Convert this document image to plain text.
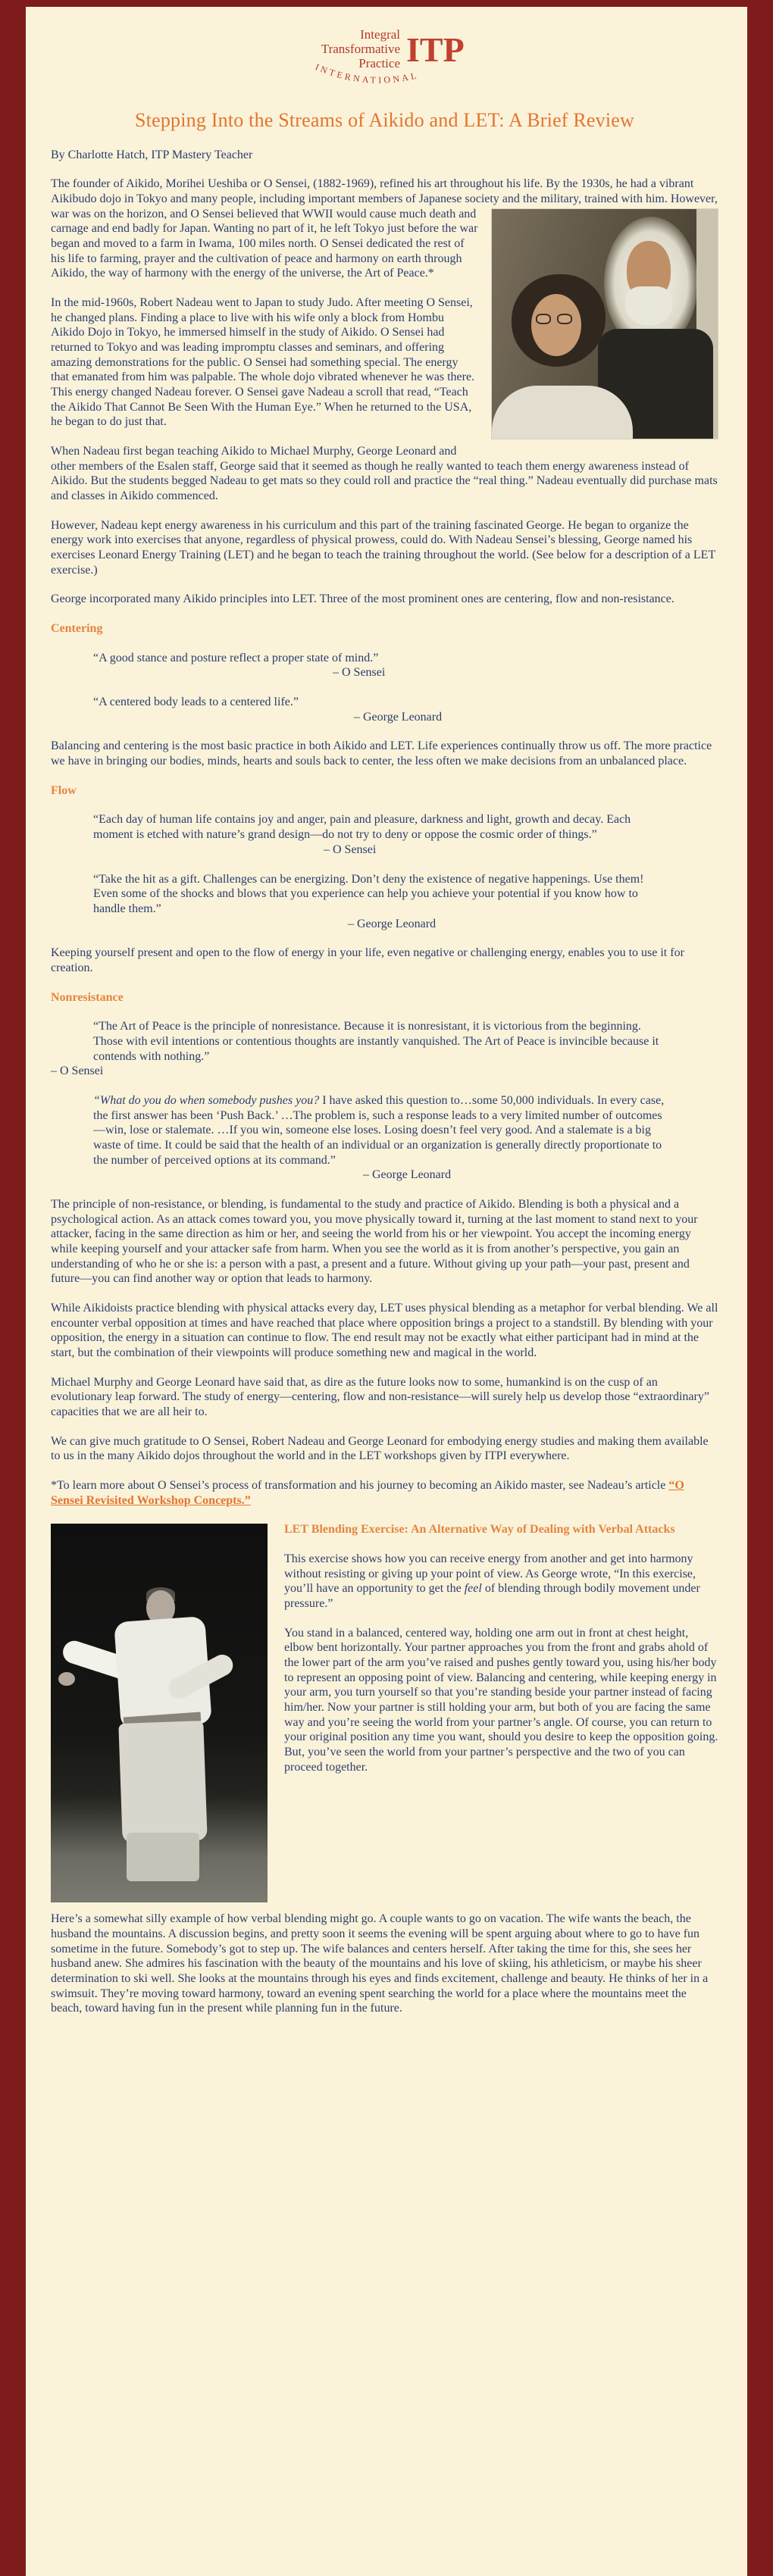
Integral
Transformative
Practice ITP
INTERNATIONAL
Stepping Into the Streams of Aikido and LET: A Brief Review

By Charlotte Hatch, ITP Mastery Teacher

The founder of Aikido, Morihei Ueshiba or O Sensei, (1882-1969), refined his art throughout his life. By the 1930s, he had a vibrant Aikibudo dojo in Tokyo and many people, including important members of Japanese society and the military, trained with him. However, war was on the horizon, and O Sensei believed that WWII would cause much death and carnage and end badly for Japan. Wanting no part of it, he left Tokyo just before the war began and moved to a farm in Iwama, 100 miles north. O Sensei dedicated the rest of his life to farming, prayer and the cultivation of peace and harmony on earth through Aikido, the way of harmony with the energy of the universe, the Art of Peace.*

In the mid-1960s, Robert Nadeau went to Japan to study Judo. After meeting O Sensei, he changed plans. Finding a place to live with his wife only a block from Hombu Aikido Dojo in Tokyo, he immersed himself in the study of Aikido. O Sensei had returned to Tokyo and was leading impromptu classes and seminars, and offering amazing demonstrations for the public. O Sensei had something special. The energy that emanated from him was palpable. The whole dojo vibrated whenever he was there. This energy changed Nadeau forever. O Sensei gave Nadeau a scroll that read, “Teach the Aikido That Cannot Be Seen With the Human Eye.” When he returned to the USA, he began to do just that.

When Nadeau first began teaching Aikido to Michael Murphy, George Leonard and other members of the Esalen staff, George said that it seemed as though he really wanted to teach them energy awareness instead of Aikido. But the students begged Nadeau to get mats so they could roll and practice the “real thing.” Nadeau eventually did purchase mats and classes in Aikido commenced.

However, Nadeau kept energy awareness in his curriculum and this part of the training fascinated George. He began to organize the energy work into exercises that anyone, regardless of physical prowess, could do. With Nadeau Sensei’s blessing, George named his exercises Leonard Energy Training (LET) and he began to teach the training throughout the world. (See below for a description of a LET exercise.)

George incorporated many Aikido principles into LET. Three of the most prominent ones are centering, flow and non-resistance.

Centering
“A good stance and posture reflect a proper state of mind.”
– O Sensei
“A centered body leads to a centered life.”
– George Leonard

Balancing and centering is the most basic practice in both Aikido and LET. Life experiences continually throw us off. The more practice we have in bringing our bodies, minds, hearts and souls back to center, the less often we make decisions from an unbalanced place.

Flow
“Each day of human life contains joy and anger, pain and pleasure, darkness and light, growth and decay. Each moment is etched with nature’s grand design—do not try to deny or oppose the cosmic order of things.”
– O Sensei
“Take the hit as a gift. Challenges can be energizing. Don’t deny the existence of negative happenings. Use them! Even some of the shocks and blows that you experience can help you achieve your potential if you know how to handle them.”
– George Leonard

Keeping yourself present and open to the flow of energy in your life, even negative or challenging energy, enables you to use it for creation.

Nonresistance
“The Art of Peace is the principle of nonresistance. Because it is nonresistant, it is victorious from the beginning. Those with evil intentions or contentious thoughts are instantly vanquished. The Art of Peace is invincible because it contends with nothing.”
– O Sensei
“What do you do when somebody pushes you? I have asked this question to…some 50,000 individuals. In every case, the first answer has been ‘Push Back.’ …The problem is, such a response leads to a very limited number of outcomes—win, lose or stalemate. …If you win, someone else loses. Losing doesn’t feel very good. And a stalemate is a big waste of time. It could be said that the health of an individual or an organization is generally directly proportionate to the number of perceived options at its command.”
– George Leonard

The principle of non-resistance, or blending, is fundamental to the study and practice of Aikido. Blending is both a physical and a psychological action. As an attack comes toward you, you move physically toward it, turning at the last moment to stand next to your attacker, facing in the same direction as him or her, and seeing the world from his or her viewpoint. You accept the incoming energy while keeping yourself and your attacker safe from harm. When you see the world as it is from another’s perspective, you gain an understanding of who he or she is: a person with a past, a present and a future. Without giving up your path—your past, present and future—you can find another way or option that leads to harmony.

While Aikidoists practice blending with physical attacks every day, LET uses physical blending as a metaphor for verbal blending. We all encounter verbal opposition at times and have reached that place where opposition brings a project to a standstill. By blending with your opposition, the energy in a situation can continue to flow. The end result may not be exactly what either participant had in mind at the start, but the combination of their viewpoints will produce something new and magical in the world.

Michael Murphy and George Leonard have said that, as dire as the future looks now to some, humankind is on the cusp of an evolutionary leap forward. The study of energy—centering, flow and non-resistance—will surely help us develop those “extraordinary” capacities that we are all heir to.

We can give much gratitude to O Sensei, Robert Nadeau and George Leonard for embodying energy studies and making them available to us in the many Aikido dojos throughout the world and in the LET workshops given by ITPI everywhere.

*To learn more about O Sensei’s process of transformation and his journey to becoming an Aikido master, see Nadeau’s article “O Sensei Revisited Workshop Concepts.”

LET Blending Exercise: An Alternative Way of Dealing with Verbal Attacks

This exercise shows how you can receive energy from another and get into harmony without resisting or giving up your point of view. As George wrote, “In this exercise, you’ll have an opportunity to get the feel of blending through bodily movement under pressure.”

You stand in a balanced, centered way, holding one arm out in front at chest height, elbow bent horizontally. Your partner approaches you from the front and grabs ahold of the lower part of the arm you’ve raised and pushes gently toward you, using his/her body to represent an opposing point of view. Balancing and centering, while keeping energy in your arm, you turn yourself so that you’re standing beside your partner instead of facing him/her. Now your partner is still holding your arm, but both of you are facing the same way and you’re seeing the world from your partner’s angle. Of course, you can return to your original position any time you want, should you desire to keep the opposition going. But, you’ve seen the world from your partner’s perspective and the two of you can proceed together.

Here’s a somewhat silly example of how verbal blending might go. A couple wants to go on vacation. The wife wants the beach, the husband the mountains. A discussion begins, and pretty soon it seems the evening will be spent arguing about where to go to have fun sometime in the future. Somebody’s got to step up. The wife balances and centers herself. After taking the time for this, she sees her husband anew. She admires his fascination with the beauty of the mountains and his love of skiing, his athleticism, or maybe his sheer determination to ski well. She looks at the mountains through his eyes and finds excitement, challenge and beauty. He thinks of her in a swimsuit. They’re moving toward harmony, toward an evening spent searching the world for a place where the mountains meet the beach, toward having fun in the present while planning fun in the future.
